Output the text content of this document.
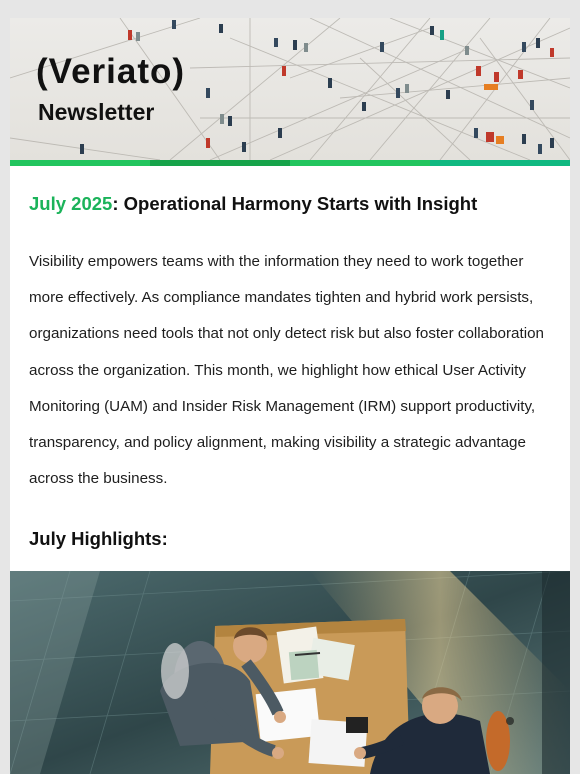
(Veriato)
Newsletter
July 2025: Operational Harmony Starts with Insight

Visibility empowers teams with the information they need to work together more effectively. As compliance mandates tighten and hybrid work persists, organizations need tools that not only detect risk but also foster collaboration across the organization. This month, we highlight how ethical User Activity Monitoring (UAM) and Insider Risk Management (IRM) support productivity, transparency, and policy alignment, making visibility a strategic advantage across the business.

July Highlights:
